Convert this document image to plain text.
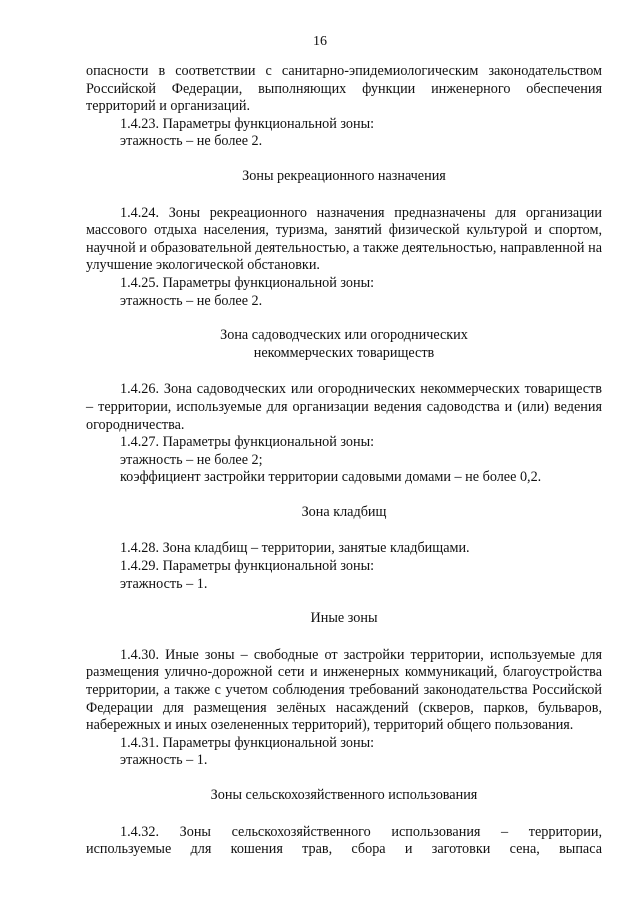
16

опасности в соответствии с санитарно-эпидемиологическим законодательством Российской Федерации, выполняющих функции инженерного обеспечения территорий и организаций.

1.4.23. Параметры функциональной зоны:

этажность – не более 2.

Зоны рекреационного назначения

1.4.24. Зоны рекреационного назначения предназначены для организации массового отдыха населения, туризма, занятий физической культурой и спортом, научной и образовательной деятельностью, а также деятельностью, направленной на улучшение экологической обстановки.

1.4.25. Параметры функциональной зоны:

этажность – не более 2.

Зона садоводческих или огороднических
некоммерческих товариществ

1.4.26. Зона садоводческих или огороднических некоммерческих товариществ – территории, используемые для организации ведения садоводства и (или) ведения огородничества.

1.4.27. Параметры функциональной зоны:

этажность – не более 2;

коэффициент застройки территории садовыми домами – не более 0,2.

Зона кладбищ

1.4.28. Зона кладбищ – территории, занятые кладбищами.

1.4.29. Параметры функциональной зоны:

этажность – 1.

Иные зоны

1.4.30. Иные зоны – свободные от застройки территории, используемые для размещения улично-дорожной сети и инженерных коммуникаций, благоустройства территории, а также с учетом соблюдения требований законодательства Российской Федерации для размещения зелёных насаждений (скверов, парков, бульваров, набережных и иных озелененных территорий), территорий общего пользования.

1.4.31. Параметры функциональной зоны:

этажность – 1.

Зоны сельскохозяйственного использования

1.4.32. Зоны сельскохозяйственного использования – территории, используемые для кошения трав, сбора и заготовки сена, выпаса
